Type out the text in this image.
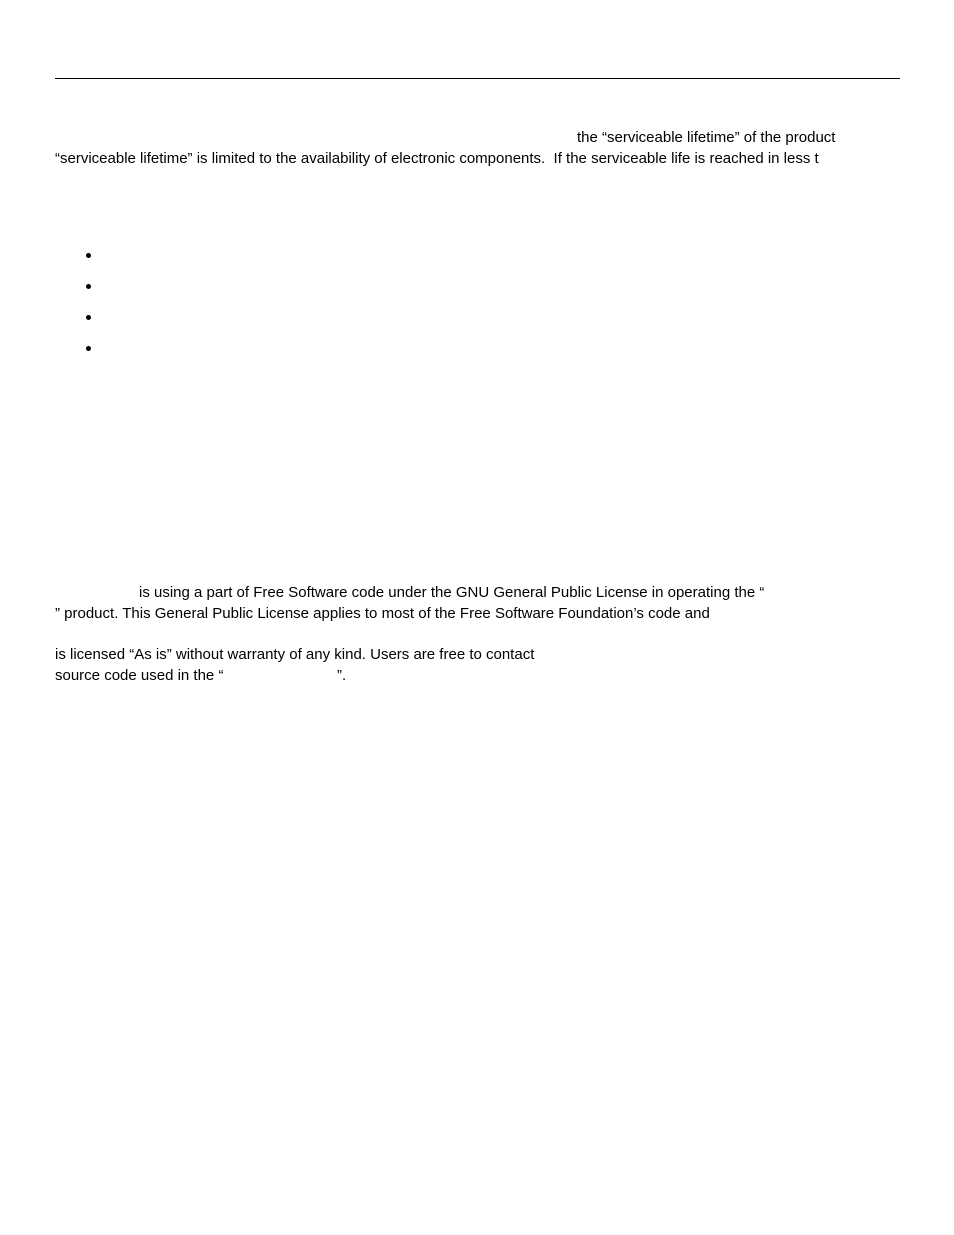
the “serviceable lifetime” of the product

“serviceable lifetime” is limited to the availability of electronic components.  If the serviceable life is reached in less t

is using a part of Free Software code under the GNU General Public License in operating the “

” product. This General Public License applies to most of the Free Software Foundation’s code and

is licensed “As is” without warranty of any kind. Users are free to contact

source code used in the “	”.
